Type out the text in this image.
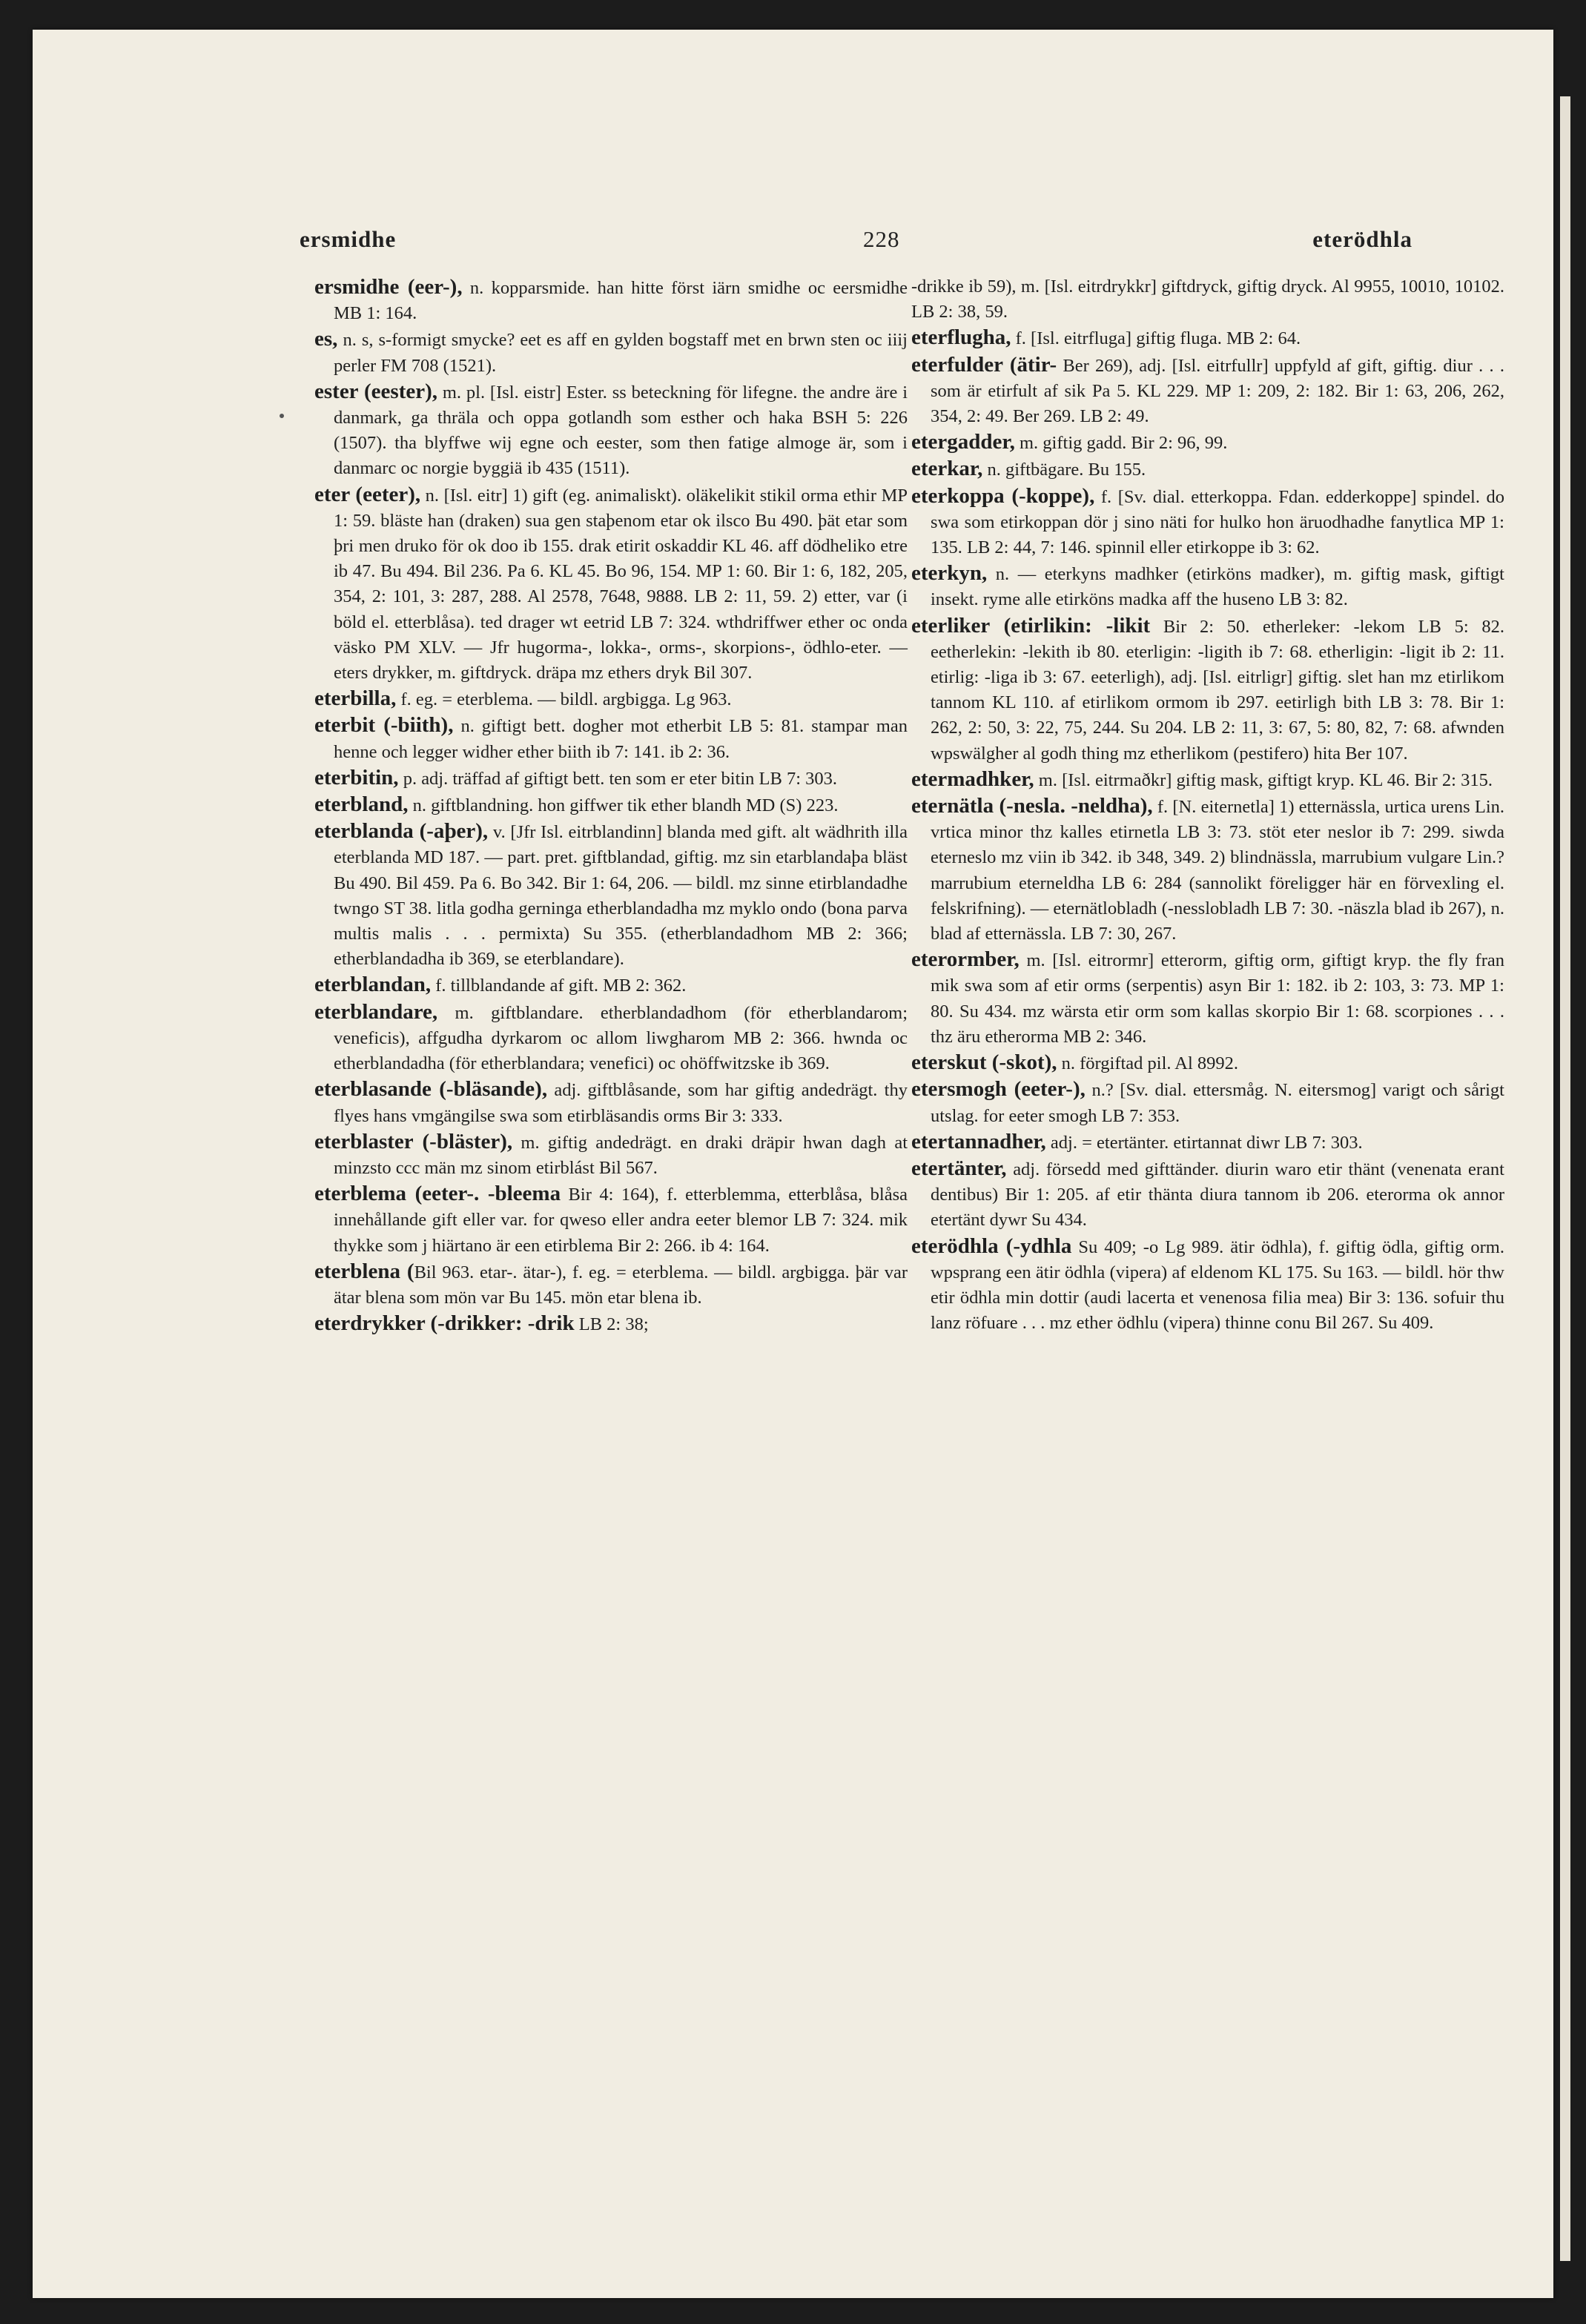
ersmidhe	228	eterödhla

ersmidhe (eer-), n. kopparsmide. han hitte först iärn smidhe oc eersmidhe MB 1: 164.

es, n. s, s-formigt smycke? eet es aff en gylden bogstaff met en brwn sten oc iiij perler FM 708 (1521).

ester (eester), m. pl. [Isl. eistr] Ester. ss beteckning för lifegne. the andre äre i danmark, ga thräla och oppa gotlandh som esther och haka BSH 5: 226 (1507). tha blyffwe wij egne och eester, som then fatige almoge är, som i danmarc oc norgie byggiä ib 435 (1511).

eter (eeter), n. [Isl. eitr] 1) gift (eg. animaliskt). oläkelikit stikil orma ethir MP 1: 59. bläste han (draken) sua gen staþenom etar ok ilsco Bu 490. þät etar som þri men druko för ok doo ib 155. drak etirit oskaddir KL 46. aff dödheliko etre ib 47. Bu 494. Bil 236. Pa 6. KL 45. Bo 96, 154. MP 1: 60. Bir 1: 6, 182, 205, 354, 2: 101, 3: 287, 288. Al 2578, 7648, 9888. LB 2: 11, 59. 2) etter, var (i böld el. etterblåsa). ted drager wt eetrid LB 7: 324. wthdriffwer ether oc onda väsko PM XLV. — Jfr hugorma-, lokka-, orms-, skorpions-, ödhlo-eter. — eters drykker, m. giftdryck. dräpa mz ethers dryk Bil 307.

eterbilla, f. eg. = eterblema. — bildl. argbigga. Lg 963.

eterbit (-biith), n. giftigt bett. dogher mot etherbit LB 5: 81. stampar man henne och legger widher ether biith ib 7: 141. ib 2: 36.

eterbitin, p. adj. träffad af giftigt bett. ten som er eter bitin LB 7: 303.

eterbland, n. giftblandning. hon giffwer tik ether blandh MD (S) 223.

eterblanda (-aþer), v. [Jfr Isl. eitrblandinn] blanda med gift. alt wädhrith illa eterblanda MD 187. — part. pret. giftblandad, giftig. mz sin etarblandaþa bläst Bu 490. Bil 459. Pa 6. Bo 342. Bir 1: 64, 206. — bildl. mz sinne etirblandadhe twngo ST 38. litla godha gerninga etherblandadha mz myklo ondo (bona parva multis malis . . . permixta) Su 355. (etherblandadhom MB 2: 366; etherblandadha ib 369, se eterblandare).

eterblandan, f. tillblandande af gift. MB 2: 362.

eterblandare, m. giftblandare. etherblandadhom (för etherblandarom; veneficis), affgudha dyrkarom oc allom liwgharom MB 2: 366. hwnda oc etherblandadha (för etherblandara; venefici) oc ohöffwitzske ib 369.

eterblasande (-bläsande), adj. giftblåsande, som har giftig andedrägt. thy flyes hans vmgängilse swa som etirbläsandis orms Bir 3: 333.

eterblaster (-bläster), m. giftig andedrägt. en draki dräpir hwan dagh at minzsto ccc män mz sinom etirblást Bil 567.

eterblema (eeter-. -bleema Bir 4: 164), f. etterblemma, etterblåsa, blåsa innehållande gift eller var. for qweso eller andra eeter blemor LB 7: 324. mik thykke som j hiärtano är een etirblema Bir 2: 266. ib 4: 164.

eterblena (Bil 963. etar-. ätar-), f. eg. = eterblema. — bildl. argbigga. þär var ätar blena som mön var Bu 145. mön etar blena ib.

eterdrykker (-drikker: -drik LB 2: 38;

-drikke ib 59), m. [Isl. eitrdrykkr] giftdryck, giftig dryck. Al 9955, 10010, 10102. LB 2: 38, 59.

eterflugha, f. [Isl. eitrfluga] giftig fluga. MB 2: 64.

eterfulder (ätir- Ber 269), adj. [Isl. eitrfullr] uppfyld af gift, giftig. diur . . . som är etirfult af sik Pa 5. KL 229. MP 1: 209, 2: 182. Bir 1: 63, 206, 262, 354, 2: 49. Ber 269. LB 2: 49.

etergadder, m. giftig gadd. Bir 2: 96, 99.

eterkar, n. giftbägare. Bu 155.

eterkoppa (-koppe), f. [Sv. dial. etterkoppa. Fdan. edderkoppe] spindel. do swa som etirkoppan dör j sino näti for hulko hon äruodhadhe fanytlica MP 1: 135. LB 2: 44, 7: 146. spinnil eller etirkoppe ib 3: 62.

eterkyn, n. — eterkyns madhker (etirköns madker), m. giftig mask, giftigt insekt. ryme alle etirköns madka aff the huseno LB 3: 82.

eterliker (etirlikin: -likit Bir 2: 50. etherleker: -lekom LB 5: 82. eetherlekin: -lekith ib 80. eterligin: -ligith ib 7: 68. etherligin: -ligit ib 2: 11. etirlig: -liga ib 3: 67. eeterligh), adj. [Isl. eitrligr] giftig. slet han mz etirlikom tannom KL 110. af etirlikom ormom ib 297. eetirligh bith LB 3: 78. Bir 1: 262, 2: 50, 3: 22, 75, 244. Su 204. LB 2: 11, 3: 67, 5: 80, 82, 7: 68. afwnden wpswälgher al godh thing mz etherlikom (pestifero) hita Ber 107.

etermadhker, m. [Isl. eitrmaðkr] giftig mask, giftigt kryp. KL 46. Bir 2: 315.

eternätla (-nesla. -neldha), f. [N. eiternetla] 1) etternässla, urtica urens Lin. vrtica minor thz kalles etirnetla LB 3: 73. stöt eter neslor ib 7: 299. siwda eterneslo mz viin ib 342. ib 348, 349. 2) blindnässla, marrubium vulgare Lin.? marrubium eterneldha LB 6: 284 (sannolikt föreligger här en förvexling el. felskrifning). — eternätlobladh (-nesslobladh LB 7: 30. -näszla blad ib 267), n. blad af etternässla. LB 7: 30, 267.

eterormber, m. [Isl. eitrormr] etterorm, giftig orm, giftigt kryp. the fly fran mik swa som af etir orms (serpentis) asyn Bir 1: 182. ib 2: 103, 3: 73. MP 1: 80. Su 434. mz wärsta etir orm som kallas skorpio Bir 1: 68. scorpiones . . . thz äru etherorma MB 2: 346.

eterskut (-skot), n. förgiftad pil. Al 8992.

etersmogh (eeter-), n.? [Sv. dial. ettersmåg. N. eitersmog] varigt och sårigt utslag. for eeter smogh LB 7: 353.

etertannadher, adj. = etertänter. etirtannat diwr LB 7: 303.

etertänter, adj. försedd med gifttänder. diurin waro etir thänt (venenata erant dentibus) Bir 1: 205. af etir thänta diura tannom ib 206. eterorma ok annor etertänt dywr Su 434.

eterödhla (-ydhla Su 409; -o Lg 989. ätir ödhla), f. giftig ödla, giftig orm. wpsprang een ätir ödhla (vipera) af eldenom KL 175. Su 163. — bildl. hör thw etir ödhla min dottir (audi lacerta et venenosa filia mea) Bir 3: 136. sofuir thu lanz röfuare . . . mz ether ödhlu (vipera) thinne conu Bil 267. Su 409.
